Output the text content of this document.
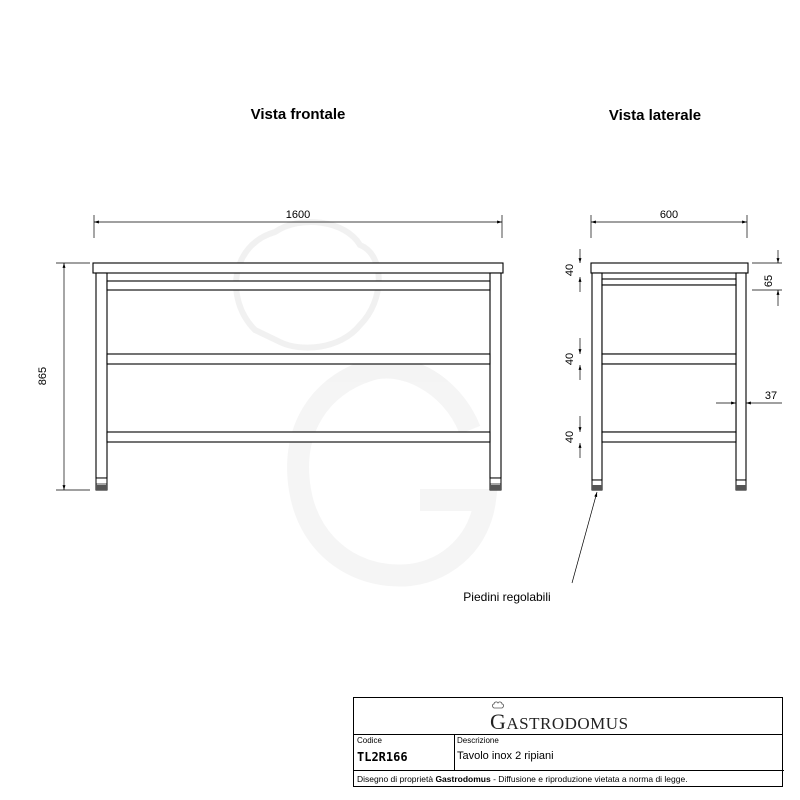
Vista frontale	Vista laterale
1600
865
600
40
40
40
65
37
Piedini regolabili
GASTRODOMUS
Codice
TL2R166
Descrizione
Tavolo inox 2 ripiani
Disegno di proprietà Gastrodomus - Diffusione e riproduzione vietata a norma di legge.
